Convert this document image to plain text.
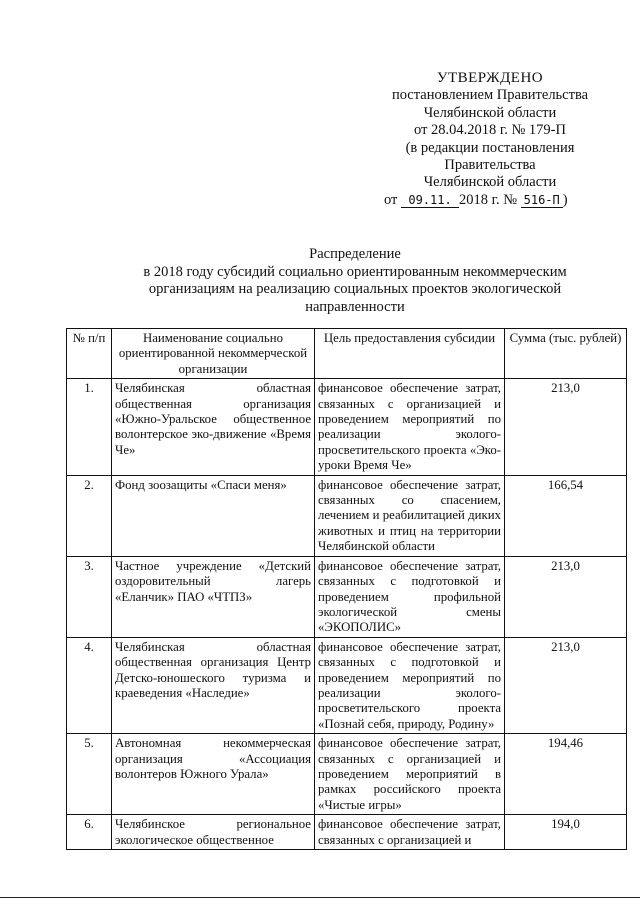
УТВЕРЖДЕНО
постановлением Правительства
Челябинской области
от 28.04.2018 г. № 179-П
(в редакции постановления
Правительства
Челябинской области
от 09.11. 2018 г. № 516-П )
Распределение
в 2018 году субсидий социально ориентированным некоммерческим
организациям на реализацию социальных проектов экологической
направленности
№ п/п	Наименование социально ориентированной некоммерческой организации	Цель предоставления субсидии	Сумма (тыс. рублей)
1.	Челябинская областная общественная организация «Южно-Уральское общественное волонтерское эко-движение «Время Че»	финансовое обеспечение затрат, связанных с организацией и проведением мероприятий по реализации эколого-просветительского проекта «Эко-уроки Время Че»	213,0
2.	Фонд зоозащиты «Спаси меня»	финансовое обеспечение затрат, связанных со спасением, лечением и реабилитацией диких животных и птиц на территории Челябинской области	166,54
3.	Частное учреждение «Детский оздоровительный лагерь «Еланчик» ПАО «ЧТПЗ»	финансовое обеспечение затрат, связанных с подготовкой и проведением профильной экологической смены «ЭКОПОЛИС»	213,0
4.	Челябинская областная общественная организация Центр Детско-юношеского туризма и краеведения «Наследие»	финансовое обеспечение затрат, связанных с подготовкой и проведением мероприятий по реализации эколого-просветительского проекта «Познай себя, природу, Родину»	213,0
5.	Автономная некоммерческая организация «Ассоциация волонтеров Южного Урала»	финансовое обеспечение затрат, связанных с организацией и проведением мероприятий в рамках российского проекта «Чистые игры»	194,46
6.	Челябинское региональное экологическое общественное	финансовое обеспечение затрат, связанных с организацией и	194,0
